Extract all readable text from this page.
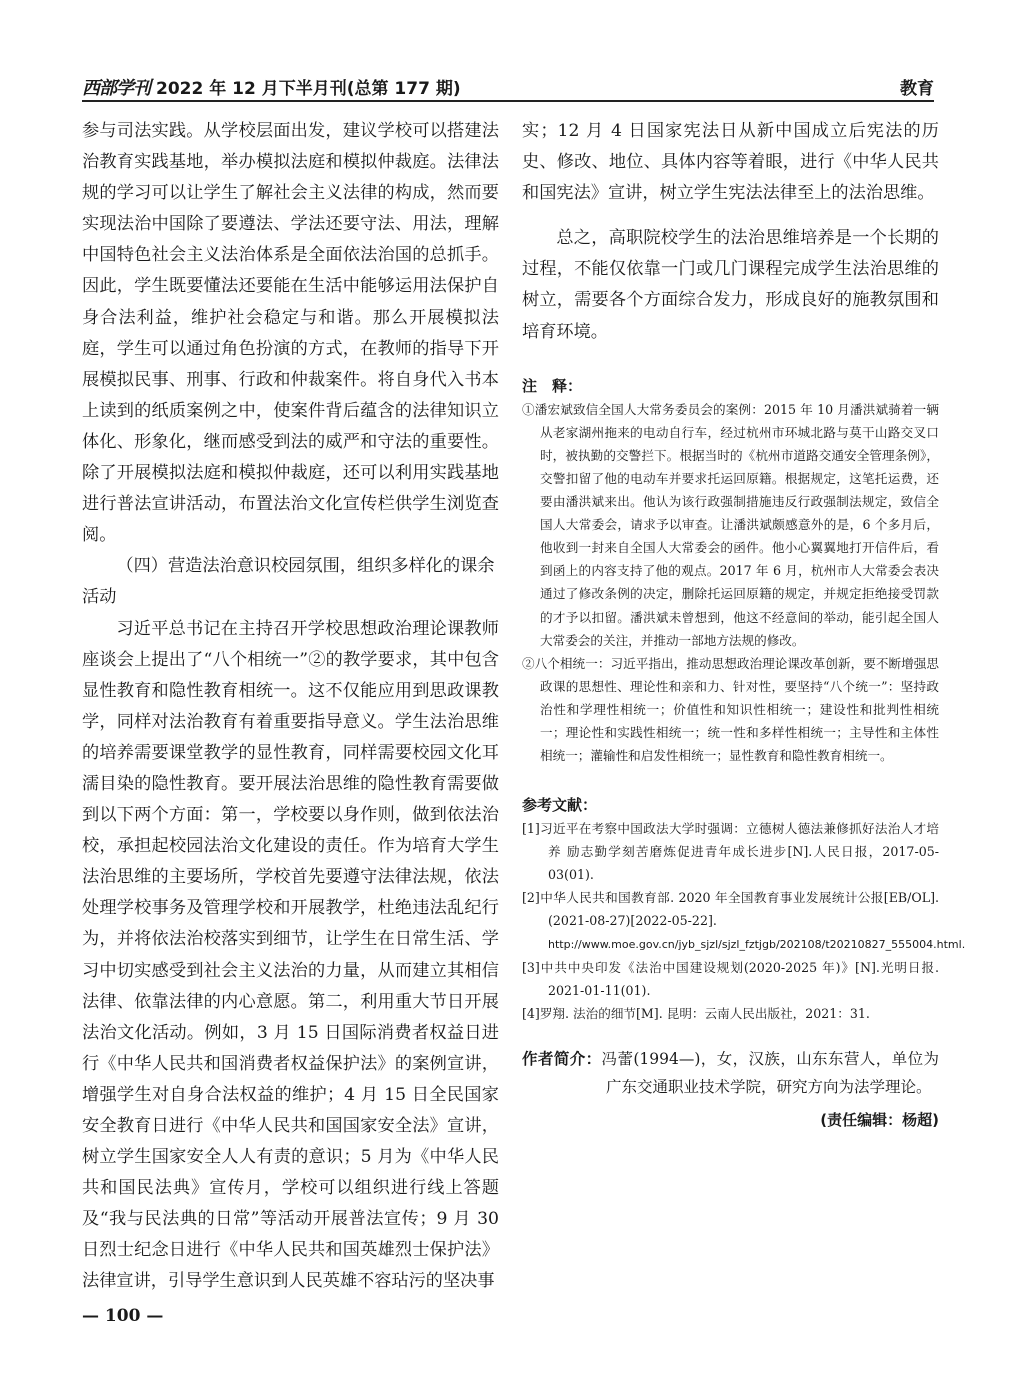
西部学刊 2022 年 12 月下半月刊(总第 177 期)	教育

参与司法实践。从学校层面出发，建议学校可以搭建法治教育实践基地，举办模拟法庭和模拟仲裁庭。法律法规的学习可以让学生了解社会主义法律的构成，然而要实现法治中国除了要遵法、学法还要守法、用法，理解中国特色社会主义法治体系是全面依法治国的总抓手。因此，学生既要懂法还要能在生活中能够运用法保护自身合法利益，维护社会稳定与和谐。那么开展模拟法庭，学生可以通过角色扮演的方式，在教师的指导下开展模拟民事、刑事、行政和仲裁案件。将自身代入书本上读到的纸质案例之中，使案件背后蕴含的法律知识立体化、形象化，继而感受到法的威严和守法的重要性。除了开展模拟法庭和模拟仲裁庭，还可以利用实践基地进行普法宣讲活动，布置法治文化宣传栏供学生浏览查阅。

（四）营造法治意识校园氛围，组织多样化的课余活动

习近平总书记在主持召开学校思想政治理论课教师座谈会上提出了“八个相统一”②的教学要求，其中包含显性教育和隐性教育相统一。这不仅能应用到思政课教学，同样对法治教育有着重要指导意义。学生法治思维的培养需要课堂教学的显性教育，同样需要校园文化耳濡目染的隐性教育。要开展法治思维的隐性教育需要做到以下两个方面：第一，学校要以身作则，做到依法治校，承担起校园法治文化建设的责任。作为培育大学生法治思维的主要场所，学校首先要遵守法律法规，依法处理学校事务及管理学校和开展教学，杜绝违法乱纪行为，并将依法治校落实到细节，让学生在日常生活、学习中切实感受到社会主义法治的力量，从而建立其相信法律、依靠法律的内心意愿。第二，利用重大节日开展法治文化活动。例如，3 月 15 日国际消费者权益日进行《中华人民共和国消费者权益保护法》的案例宣讲，增强学生对自身合法权益的维护；4 月 15 日全民国家安全教育日进行《中华人民共和国国家安全法》宣讲，树立学生国家安全人人有责的意识；5 月为《中华人民共和国民法典》宣传月，学校可以组织进行线上答题及“我与民法典的日常”等活动开展普法宣传；9 月 30 日烈士纪念日进行《中华人民共和国英雄烈士保护法》法律宣讲，引导学生意识到人民英雄不容玷污的坚决事

实；12 月 4 日国家宪法日从新中国成立后宪法的历史、修改、地位、具体内容等着眼，进行《中华人民共和国宪法》宣讲，树立学生宪法法律至上的法治思维。

总之，高职院校学生的法治思维培养是一个长期的过程，不能仅依靠一门或几门课程完成学生法治思维的树立，需要各个方面综合发力，形成良好的施教氛围和培育环境。

注　释：

①潘宏斌致信全国人大常务委员会的案例：2015 年 10 月潘洪斌骑着一辆从老家湖州拖来的电动自行车，经过杭州市环城北路与莫干山路交叉口时，被执勤的交警拦下。根据当时的《杭州市道路交通安全管理条例》，交警扣留了他的电动车并要求托运回原籍。根据规定，这笔托运费，还要由潘洪斌来出。他认为该行政强制措施违反行政强制法规定，致信全国人大常委会，请求予以审查。让潘洪斌颇感意外的是，6 个多月后，他收到一封来自全国人大常委会的函件。他小心翼翼地打开信件后，看到函上的内容支持了他的观点。2017 年 6 月，杭州市人大常委会表决通过了修改条例的决定，删除托运回原籍的规定，并规定拒绝接受罚款的才予以扣留。潘洪斌未曾想到，他这不经意间的举动，能引起全国人大常委会的关注，并推动一部地方法规的修改。

②八个相统一：习近平指出，推动思想政治理论课改革创新，要不断增强思政课的思想性、理论性和亲和力、针对性，要坚持“八个统一”：坚持政治性和学理性相统一；价值性和知识性相统一；建设性和批判性相统一；理论性和实践性相统一；统一性和多样性相统一；主导性和主体性相统一；灌输性和启发性相统一；显性教育和隐性教育相统一。

参考文献：

[1]习近平在考察中国政法大学时强调：立德树人德法兼修抓好法治人才培养 励志勤学刻苦磨炼促进青年成长进步[N].人民日报，2017-05-03(01).

[2]中华人民共和国教育部. 2020 年全国教育事业发展统计公报[EB/OL].(2021-08-27)[2022-05-22]. http://www.moe.gov.cn/jyb_sjzl/sjzl_fztjgb/202108/t20210827_555004.html.

[3]中共中央印发《法治中国建设规划(2020-2025 年)》[N].光明日报. 2021-01-11(01).

[4]罗翔. 法治的细节[M]. 昆明：云南人民出版社，2021：31.

作者简介：冯蕾(1994—)，女，汉族，山东东营人，单位为广东交通职业技术学院，研究方向为法学理论。

(责任编辑：杨超)

— 100 —
